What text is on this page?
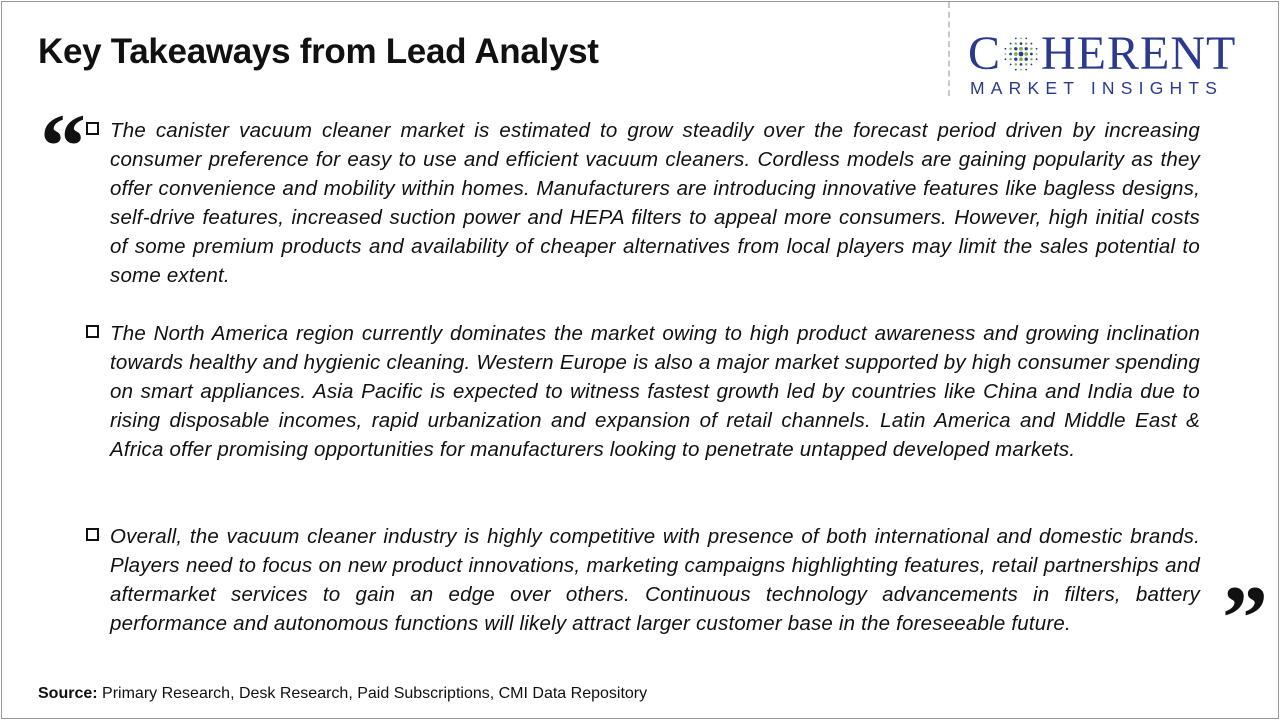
Key Takeaways from Lead Analyst	C HERENT
MARKET INSIGHTS
“ The canister vacuum cleaner market is estimated to grow steadily over the forecast period driven by increasing consumer preference for easy to use and efficient vacuum cleaners. Cordless models are gaining popularity as they offer convenience and mobility within homes. Manufacturers are introducing innovative features like bagless designs, self-drive features, increased suction power and HEPA filters to appeal more consumers. However, high initial costs of some premium products and availability of cheaper alternatives from local players may limit the sales potential to some extent.
The North America region currently dominates the market owing to high product awareness and growing inclination towards healthy and hygienic cleaning. Western Europe is also a major market supported by high consumer spending on smart appliances. Asia Pacific is expected to witness fastest growth led by countries like China and India due to rising disposable incomes, rapid urbanization and expansion of retail channels. Latin America and Middle East & Africa offer promising opportunities for manufacturers looking to penetrate untapped developed markets.
Overall, the vacuum cleaner industry is highly competitive with presence of both international and domestic brands. Players need to focus on new product innovations, marketing campaigns highlighting features, retail partnerships and aftermarket services to gain an edge over others. Continuous technology advancements in filters, battery performance and autonomous functions will likely attract larger customer base in the foreseeable future.	”
Source: Primary Research, Desk Research, Paid Subscriptions, CMI Data Repository
